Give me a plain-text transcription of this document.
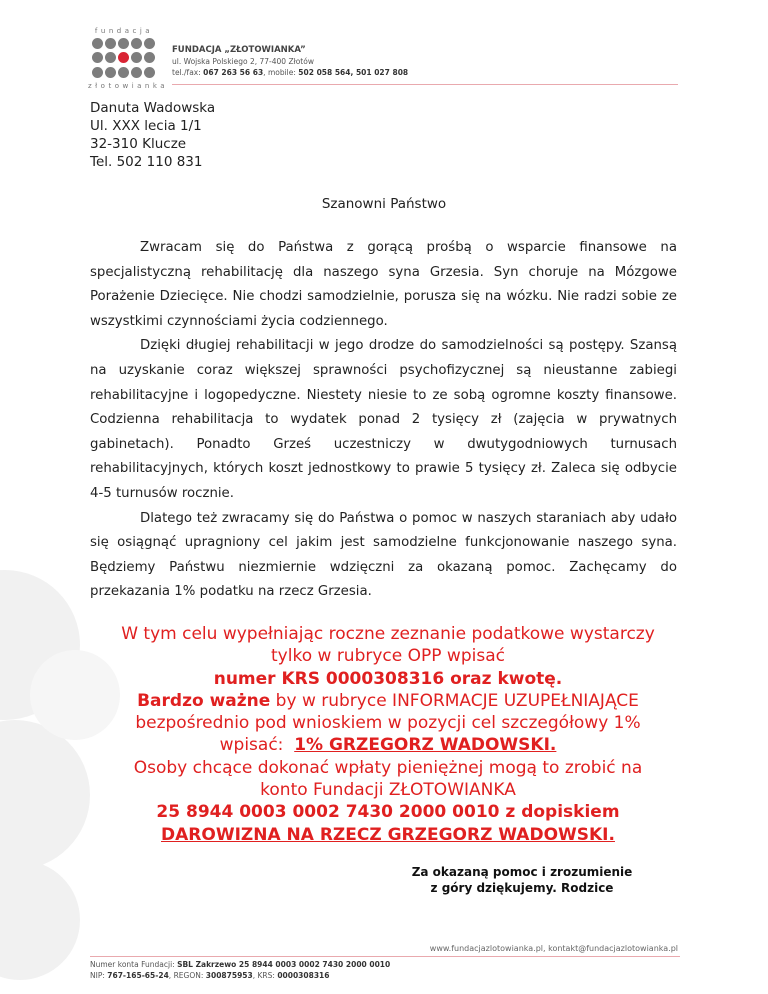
fundacja
złotowianka
FUNDACJA „ZŁOTOWIANKA”
ul. Wojska Polskiego 2, 77-400 Złotów
tel./fax: 067 263 56 63, mobile: 502 058 564, 501 027 808
Danuta Wadowska
Ul. XXX lecia 1/1
32-310 Klucze
Tel. 502 110 831
Szanowni Państwo

Zwracam się do Państwa z gorącą prośbą o wsparcie finansowe na specjalistyczną rehabilitację dla naszego syna Grzesia. Syn choruje na Mózgowe Porażenie Dziecięce. Nie chodzi samodzielnie, porusza się na wózku. Nie radzi sobie ze wszystkimi czynnościami życia codziennego.

Dzięki długiej rehabilitacji w jego drodze do samodzielności są postępy. Szansą na uzyskanie coraz większej sprawności psychofizycznej są nieustanne zabiegi rehabilitacyjne i logopedyczne. Niestety niesie to ze sobą ogromne koszty finansowe. Codzienna rehabilitacja to wydatek ponad 2 tysięcy zł (zajęcia w prywatnych gabinetach). Ponadto Grześ uczestniczy w dwutygodniowych turnusach rehabilitacyjnych, których koszt jednostkowy to prawie 5 tysięcy zł. Zaleca się odbycie 4-5 turnusów rocznie.

Dlatego też zwracamy się do Państwa o pomoc w naszych staraniach aby udało się osiągnąć upragniony cel jakim jest samodzielne funkcjonowanie naszego syna. Będziemy Państwu niezmiernie wdzięczni za okazaną pomoc. Zachęcamy do przekazania 1% podatku na rzecz Grzesia.

W tym celu wypełniając roczne zeznanie podatkowe wystarczy
tylko w rubryce OPP wpisać
numer KRS 0000308316 oraz kwotę.
Bardzo ważne by w rubryce INFORMACJE UZUPEŁNIAJĄCE
bezpośrednio pod wnioskiem w pozycji cel szczegółowy 1%
wpisać:  1% GRZEGORZ WADOWSKI.
Osoby chcące dokonać wpłaty pieniężnej mogą to zrobić na
konto Fundacji ZŁOTOWIANKA
25 8944 0003 0002 7430 2000 0010 z dopiskiem
DAROWIZNA NA RZECZ GRZEGORZ WADOWSKI.
Za okazaną pomoc i zrozumienie
z góry dziękujemy. Rodzice
www.fundacjazlotowianka.pl, kontakt@fundacjazlotowianka.pl
Numer konta Fundacji: SBL Zakrzewo 25 8944 0003 0002 7430 2000 0010
NIP: 767-165-65-24, REGON: 300875953, KRS: 0000308316
